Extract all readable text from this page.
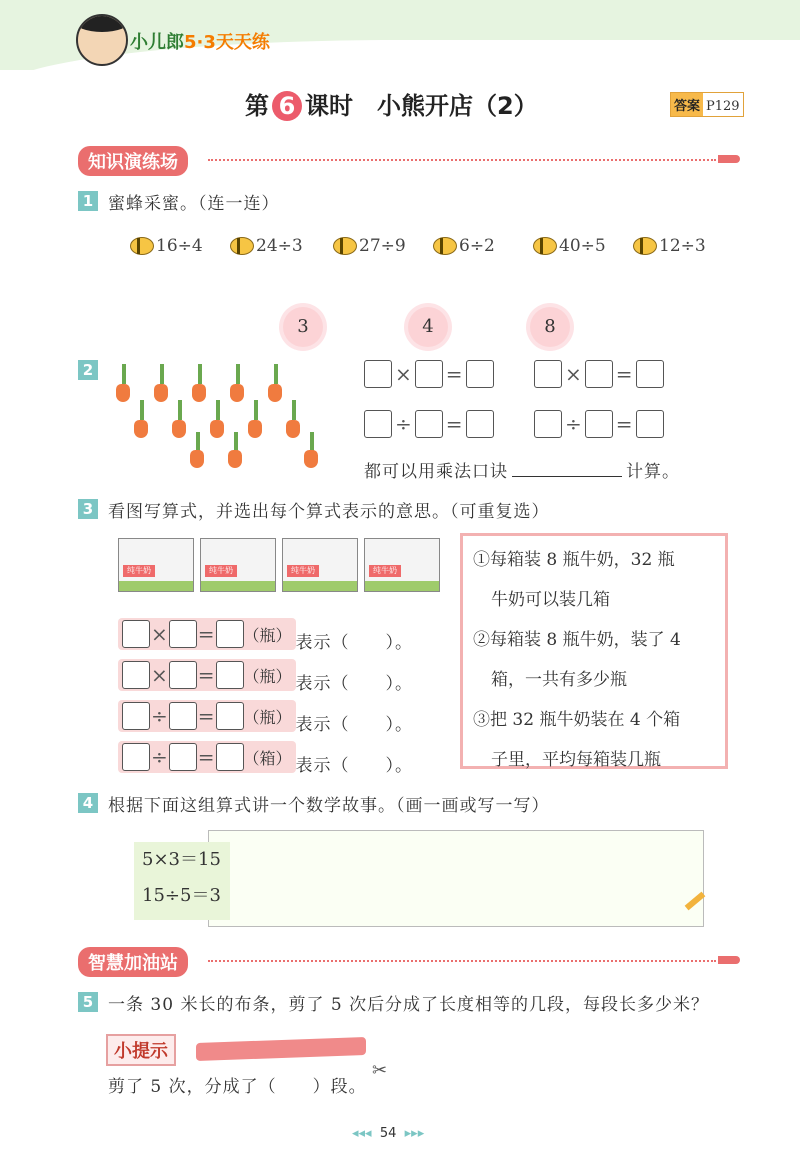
小儿郎5·3天天练
第 6 课时　小熊开店（2）	答案 P129
知识演练场
1 蜜蜂采蜜。（连一连）
16÷4	24÷3	27÷9	6÷2	40÷5	12÷3
3	4	8
2	× =	× =
÷ =	÷ =
都可以用乘法口诀	计算。
3 看图写算式，并选出每个算式表示的意思。（可重复选）
纯牛奶	纯牛奶	纯牛奶	纯牛奶
× = （瓶） 表示（　　）。
× = （瓶） 表示（　　）。
÷ = （瓶） 表示（　　）。
÷ = （箱） 表示（　　）。
①每箱装 8 瓶牛奶，32 瓶
牛奶可以装几箱
②每箱装 8 瓶牛奶，装了 4
箱，一共有多少瓶
③把 32 瓶牛奶装在 4 个箱
子里，平均每箱装几瓶
4 根据下面这组算式讲一个数学故事。（画一画或写一写）
5×3＝15
15÷5＝3
智慧加油站
5 一条 30 米长的布条，剪了 5 次后分成了长度相等的几段，每段长多少米？
小提示
✂
剪了 5 次，分成了（　　）段。
◂◂◂ 54 ▸▸▸
